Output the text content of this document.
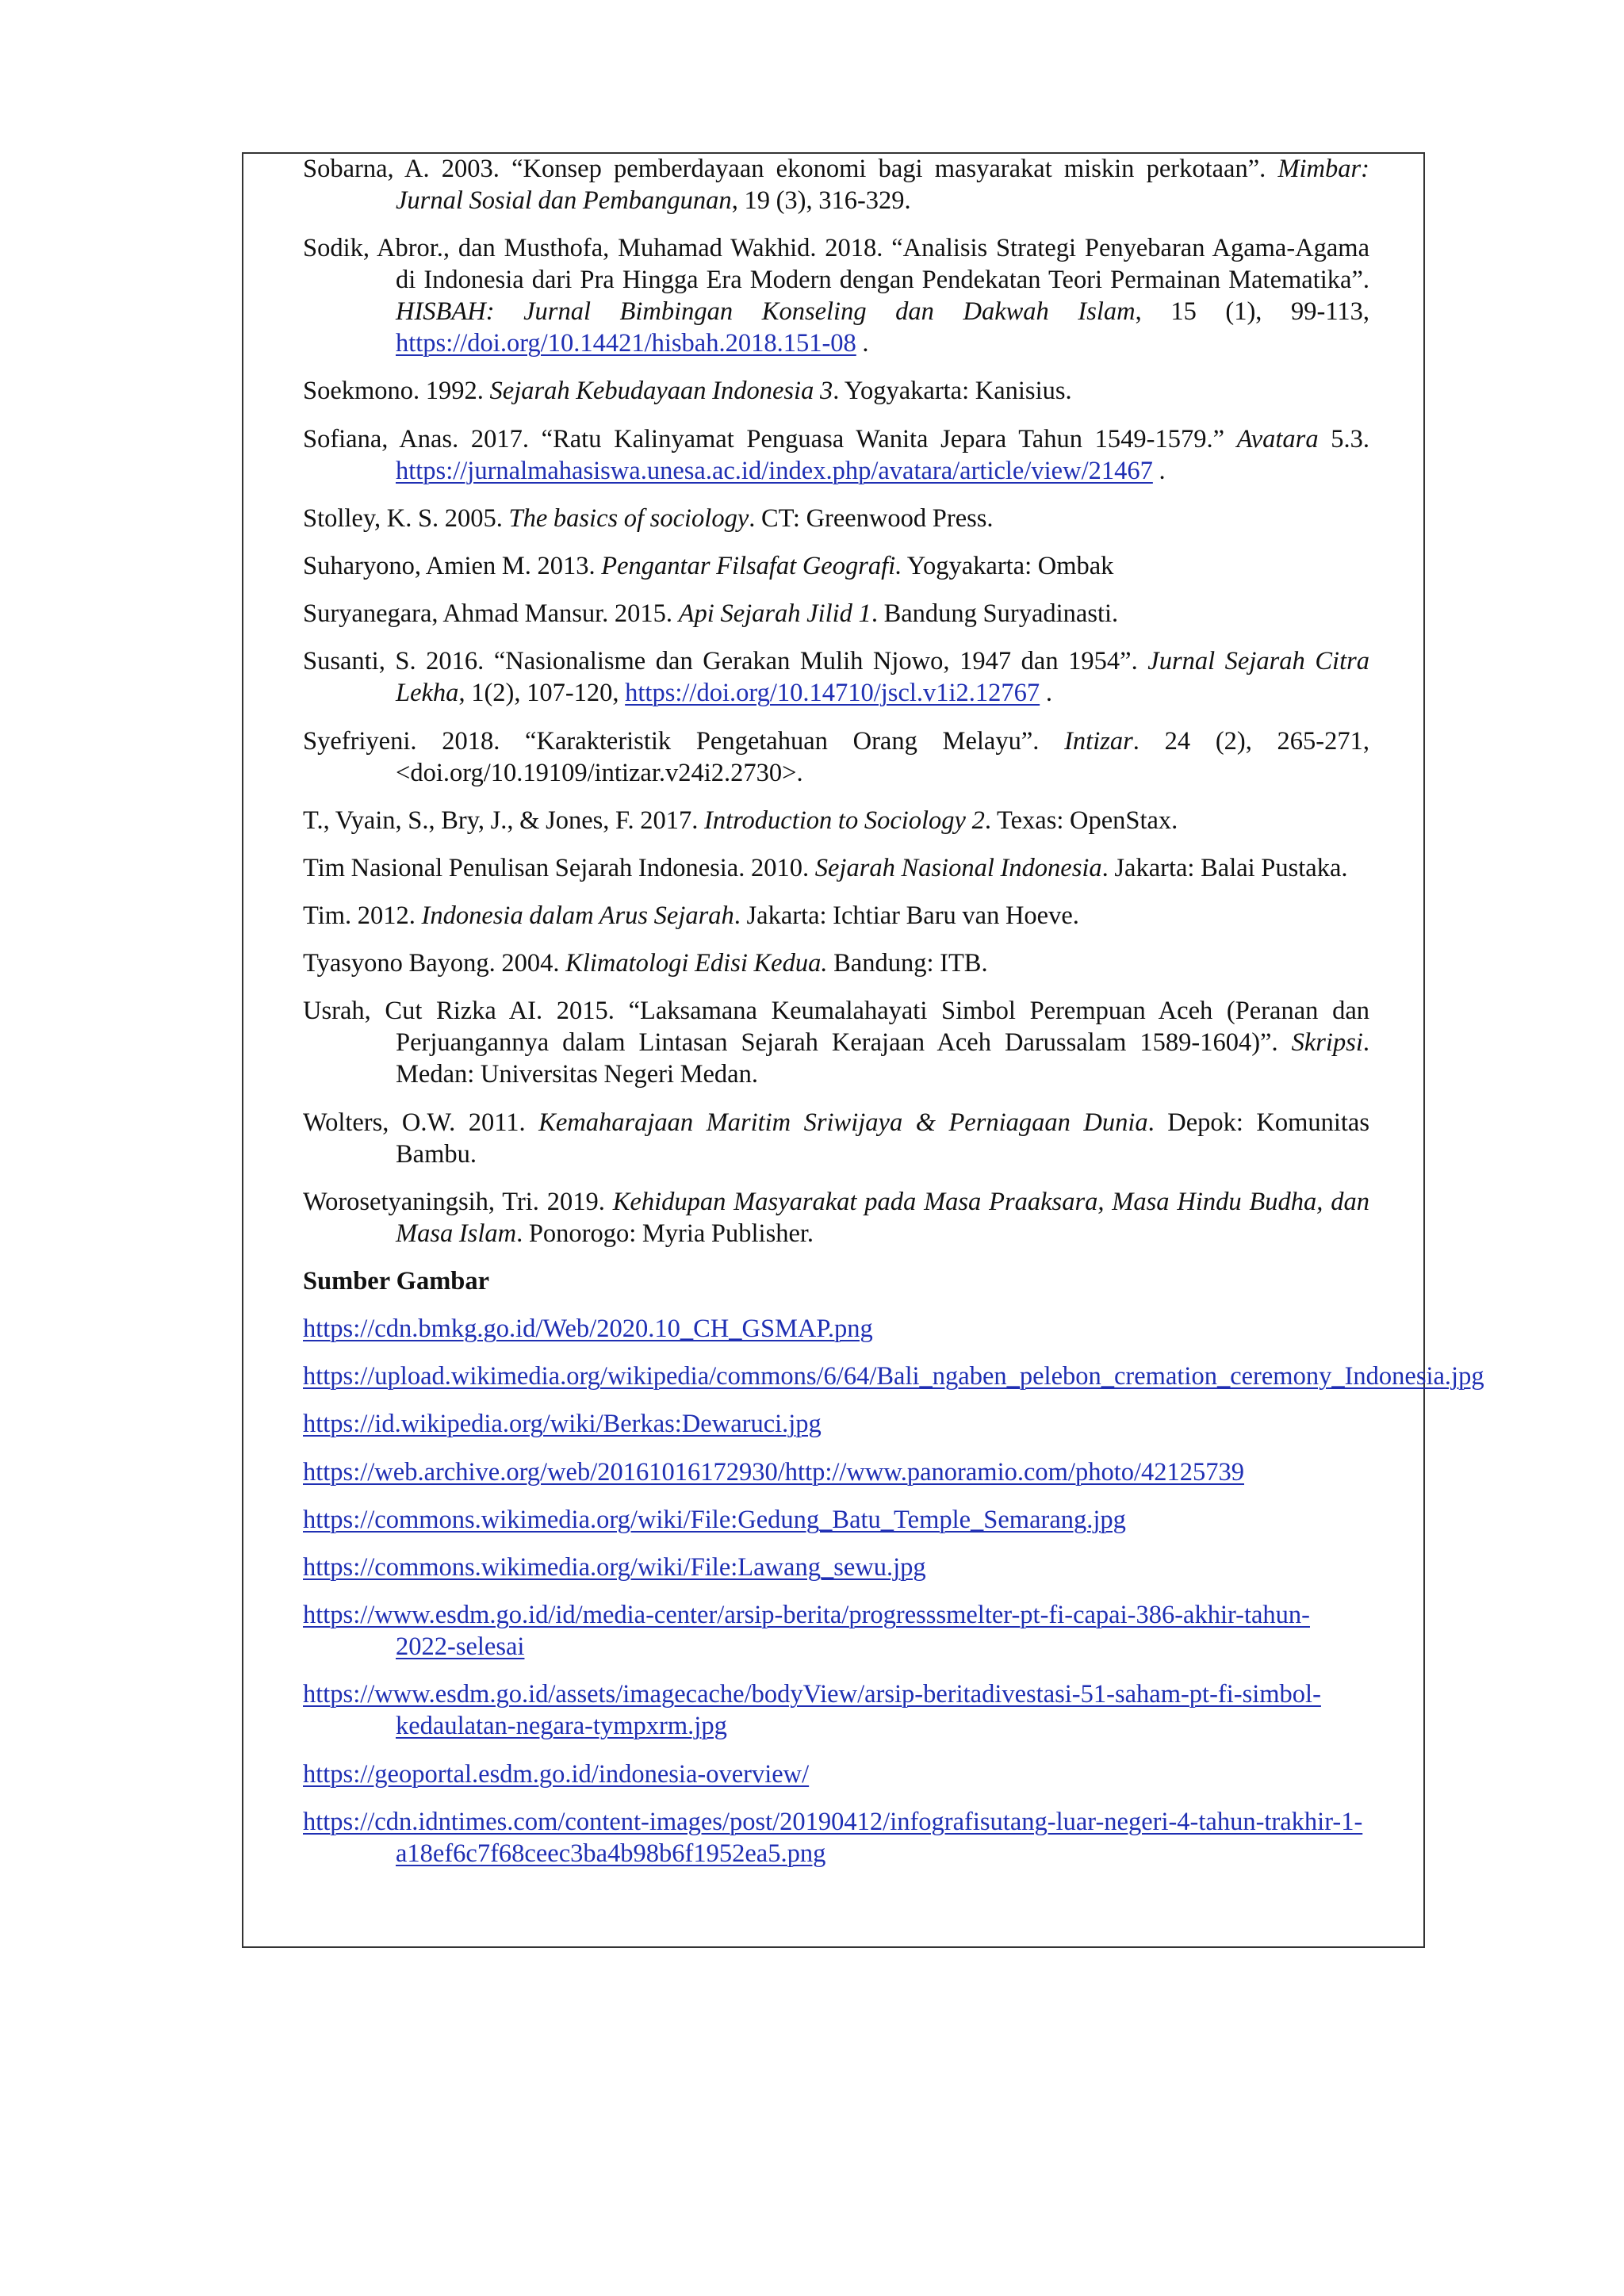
Sobarna, A. 2003. “Konsep pemberdayaan ekonomi bagi masyarakat miskin perkotaan”. Mimbar: Jurnal Sosial dan Pembangunan, 19 (3), 316-329.

Sodik, Abror., dan Musthofa, Muhamad Wakhid. 2018. “Analisis Strategi Penyebaran Agama-Agama di Indonesia dari Pra Hingga Era Modern dengan Pendekatan Teori Permainan Matematika”. HISBAH: Jurnal Bimbingan Konseling dan Dakwah Islam, 15 (1), 99-113, https://doi.org/10.14421/hisbah.2018.151-08 .

Soekmono. 1992. Sejarah Kebudayaan Indonesia 3. Yogyakarta: Kanisius.

Sofiana, Anas. 2017. “Ratu Kalinyamat Penguasa Wanita Jepara Tahun 1549-1579.” Avatara 5.3. https://jurnalmahasiswa.unesa.ac.id/index.php/avatara/article/view/21467 .

Stolley, K. S. 2005. The basics of sociology. CT: Greenwood Press.

Suharyono, Amien M. 2013. Pengantar Filsafat Geografi. Yogyakarta: Ombak

Suryanegara, Ahmad Mansur. 2015. Api Sejarah Jilid 1. Bandung Suryadinasti.

Susanti, S. 2016. “Nasionalisme dan Gerakan Mulih Njowo, 1947 dan 1954”. Jurnal Sejarah Citra Lekha, 1(2), 107-120, https://doi.org/10.14710/jscl.v1i2.12767 .

Syefriyeni. 2018. “Karakteristik Pengetahuan Orang Melayu”. Intizar. 24 (2), 265-271,<doi.org/10.19109/intizar.v24i2.2730>.

T., Vyain, S., Bry, J., & Jones, F. 2017. Introduction to Sociology 2. Texas: OpenStax.

Tim Nasional Penulisan Sejarah Indonesia. 2010. Sejarah Nasional Indonesia. Jakarta: Balai Pustaka.

Tim. 2012. Indonesia dalam Arus Sejarah. Jakarta: Ichtiar Baru van Hoeve.

Tyasyono Bayong. 2004. Klimatologi Edisi Kedua. Bandung: ITB.

Usrah, Cut Rizka AI. 2015. “Laksamana Keumalahayati Simbol Perempuan Aceh (Peranan dan Perjuangannya dalam Lintasan Sejarah Kerajaan Aceh Darussalam 1589-1604)”. Skripsi. Medan: Universitas Negeri Medan.

Wolters, O.W. 2011. Kemaharajaan Maritim Sriwijaya & Perniagaan Dunia. Depok: Komunitas Bambu.

Worosetyaningsih, Tri. 2019. Kehidupan Masyarakat pada Masa Praaksara, Masa Hindu Budha, dan Masa Islam. Ponorogo: Myria Publisher.

Sumber Gambar

https://cdn.bmkg.go.id/Web/2020.10_CH_GSMAP.png

https://upload.wikimedia.org/wikipedia/commons/6/64/Bali_ngaben_pelebon_cremation_ceremony_Indonesia.jpg

https://id.wikipedia.org/wiki/Berkas:Dewaruci.jpg

https://web.archive.org/web/20161016172930/http://www.panoramio.com/photo/42125739

https://commons.wikimedia.org/wiki/File:Gedung_Batu_Temple_Semarang.jpg

https://commons.wikimedia.org/wiki/File:Lawang_sewu.jpg

https://www.esdm.go.id/id/media-center/arsip-berita/progresssmelter-pt-fi-capai-386-akhir-tahun-2022-selesai

https://www.esdm.go.id/assets/imagecache/bodyView/arsip-beritadivestasi-51-saham-pt-fi-simbol-kedaulatan-negara-tympxrm.jpg

https://geoportal.esdm.go.id/indonesia-overview/

https://cdn.idntimes.com/content-images/post/20190412/infografisutang-luar-negeri-4-tahun-trakhir-1-a18ef6c7f68ceec3ba4b98b6f1952ea5.png
